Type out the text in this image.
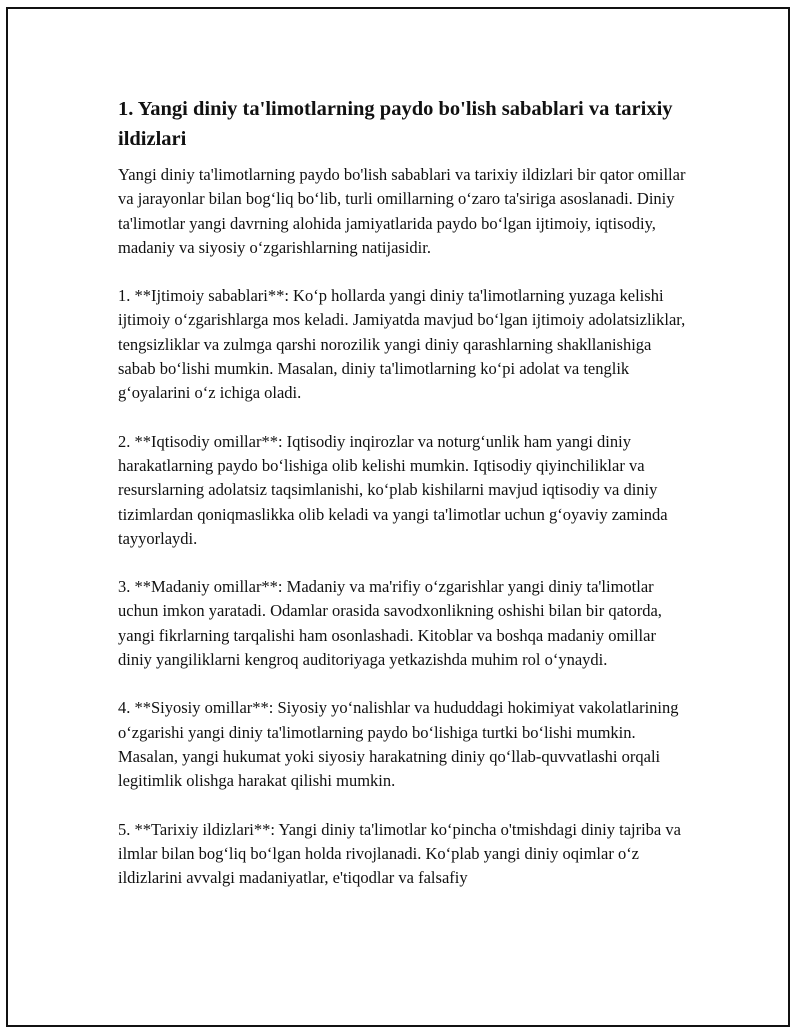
1. Yangi diniy ta'limotlarning paydo bo'lish sabablari va tarixiy ildizlari

Yangi diniy ta'limotlarning paydo bo'lish sabablari va tarixiy ildizlari bir qator omillar va jarayonlar bilan bog‘liq bo‘lib, turli omillarning o‘zaro ta'siriga asoslanadi. Diniy ta'limotlar yangi davrning alohida jamiyatlarida paydo bo‘lgan ijtimoiy, iqtisodiy, madaniy va siyosiy o‘zgarishlarning natijasidir.

1. **Ijtimoiy sabablari**: Ko‘p hollarda yangi diniy ta'limotlarning yuzaga kelishi ijtimoiy o‘zgarishlarga mos keladi. Jamiyatda mavjud bo‘lgan ijtimoiy adolatsizliklar, tengsizliklar va zulmga qarshi norozilik yangi diniy qarashlarning shakllanishiga sabab bo‘lishi mumkin. Masalan, diniy ta'limotlarning ko‘pi adolat va tenglik g‘oyalarini o‘z ichiga oladi.

2. **Iqtisodiy omillar**: Iqtisodiy inqirozlar va noturg‘unlik ham yangi diniy harakatlarning paydo bo‘lishiga olib kelishi mumkin. Iqtisodiy qiyinchiliklar va resurslarning adolatsiz taqsimlanishi, ko‘plab kishilarni mavjud iqtisodiy va diniy tizimlardan qoniqmaslikka olib keladi va yangi ta'limotlar uchun g‘oyaviy zaminda tayyorlaydi.

3. **Madaniy omillar**: Madaniy va ma'rifiy o‘zgarishlar yangi diniy ta'limotlar uchun imkon yaratadi. Odamlar orasida savodxonlikning oshishi bilan bir qatorda, yangi fikrlarning tarqalishi ham osonlashadi. Kitoblar va boshqa madaniy omillar diniy yangiliklarni kengroq auditoriyaga yetkazishda muhim rol o‘ynaydi.

4. **Siyosiy omillar**: Siyosiy yo‘nalishlar va hududdagi hokimiyat vakolatlarining o‘zgarishi yangi diniy ta'limotlarning paydo bo‘lishiga turtki bo‘lishi mumkin. Masalan, yangi hukumat yoki siyosiy harakatning diniy qo‘llab-quvvatlashi orqali legitimlik olishga harakat qilishi mumkin.

5. **Tarixiy ildizlari**: Yangi diniy ta'limotlar ko‘pincha o'tmishdagi diniy tajriba va ilmlar bilan bog‘liq bo‘lgan holda rivojlanadi. Ko‘plab yangi diniy oqimlar o‘z ildizlarini avvalgi madaniyatlar, e'tiqodlar va falsafiy
